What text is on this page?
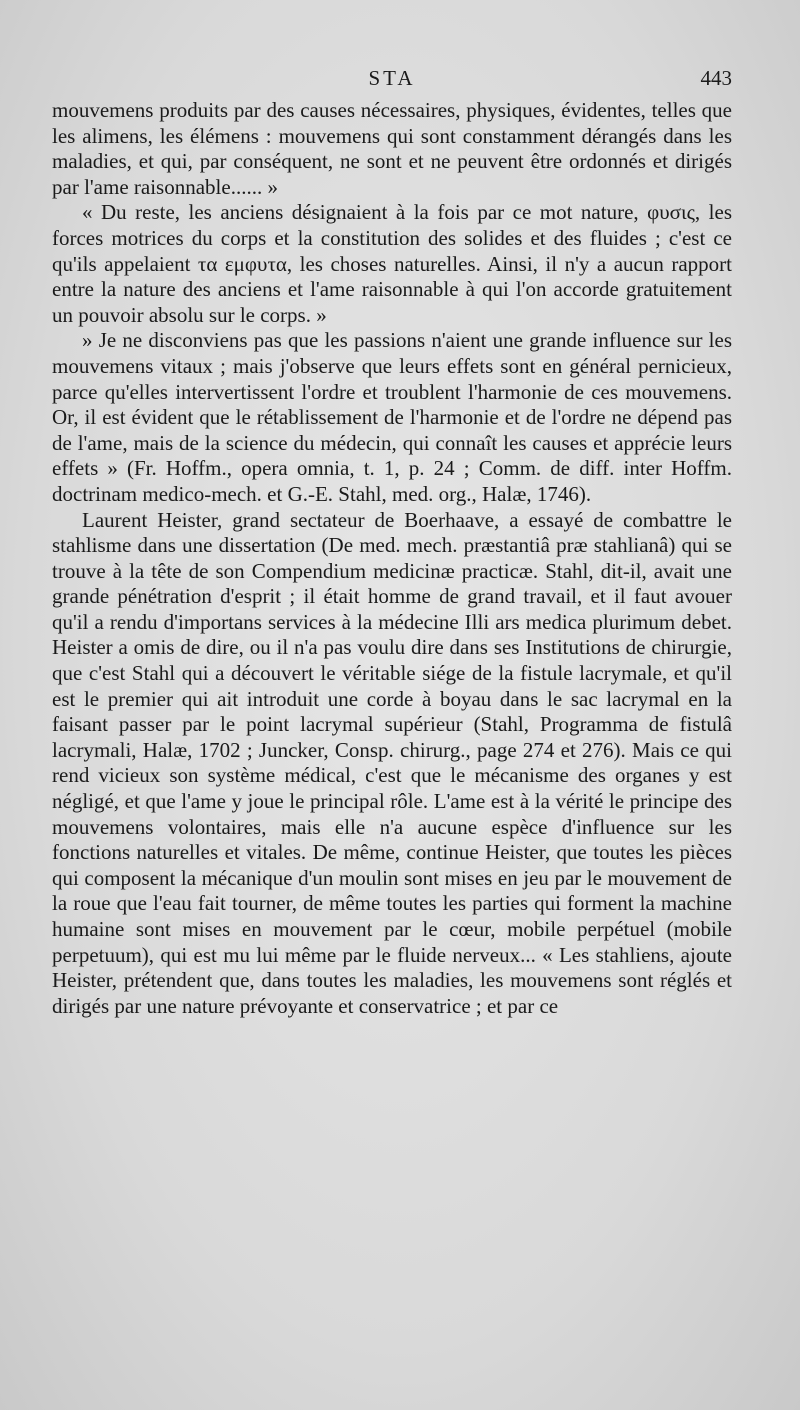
STA	443

mouvemens produits par des causes nécessaires, physiques, évidentes, telles que les alimens, les élémens : mouvemens qui sont constamment dérangés dans les maladies, et qui, par conséquent, ne sont et ne peuvent être ordonnés et dirigés par l'ame raisonnable...... »

« Du reste, les anciens désignaient à la fois par ce mot nature, φυσις, les forces motrices du corps et la constitution des solides et des fluides ; c'est ce qu'ils appelaient τα εμφυτα, les choses naturelles. Ainsi, il n'y a aucun rapport entre la nature des anciens et l'ame raisonnable à qui l'on accorde gratuitement un pouvoir absolu sur le corps. »

» Je ne disconviens pas que les passions n'aient une grande influence sur les mouvemens vitaux ; mais j'observe que leurs effets sont en général pernicieux, parce qu'elles intervertissent l'ordre et troublent l'harmonie de ces mouvemens. Or, il est évident que le rétablissement de l'harmonie et de l'ordre ne dépend pas de l'ame, mais de la science du médecin, qui connaît les causes et apprécie leurs effets » (Fr. Hoffm., opera omnia, t. 1, p. 24 ; Comm. de diff. inter Hoffm. doctrinam medico-mech. et G.-E. Stahl, med. org., Halæ, 1746).

Laurent Heister, grand sectateur de Boerhaave, a essayé de combattre le stahlisme dans une dissertation (De med. mech. præstantiâ præ stahlianâ) qui se trouve à la tête de son Compendium medicinæ practicæ. Stahl, dit-il, avait une grande pénétration d'esprit ; il était homme de grand travail, et il faut avouer qu'il a rendu d'importans services à la médecine Illi ars medica plurimum debet. Heister a omis de dire, ou il n'a pas voulu dire dans ses Institutions de chirurgie, que c'est Stahl qui a découvert le véritable siége de la fistule lacrymale, et qu'il est le premier qui ait introduit une corde à boyau dans le sac lacrymal en la faisant passer par le point lacrymal supérieur (Stahl, Programma de fistulâ lacrymali, Halæ, 1702 ; Juncker, Consp. chirurg., page 274 et 276). Mais ce qui rend vicieux son système médical, c'est que le mécanisme des organes y est négligé, et que l'ame y joue le principal rôle. L'ame est à la vérité le principe des mouvemens volontaires, mais elle n'a aucune espèce d'influence sur les fonctions naturelles et vitales. De même, continue Heister, que toutes les pièces qui composent la mécanique d'un moulin sont mises en jeu par le mouvement de la roue que l'eau fait tourner, de même toutes les parties qui forment la machine humaine sont mises en mouvement par le cœur, mobile perpétuel (mobile perpetuum), qui est mu lui même par le fluide nerveux... « Les stahliens, ajoute Heister, prétendent que, dans toutes les maladies, les mouvemens sont réglés et dirigés par une nature prévoyante et conservatrice ; et par ce
